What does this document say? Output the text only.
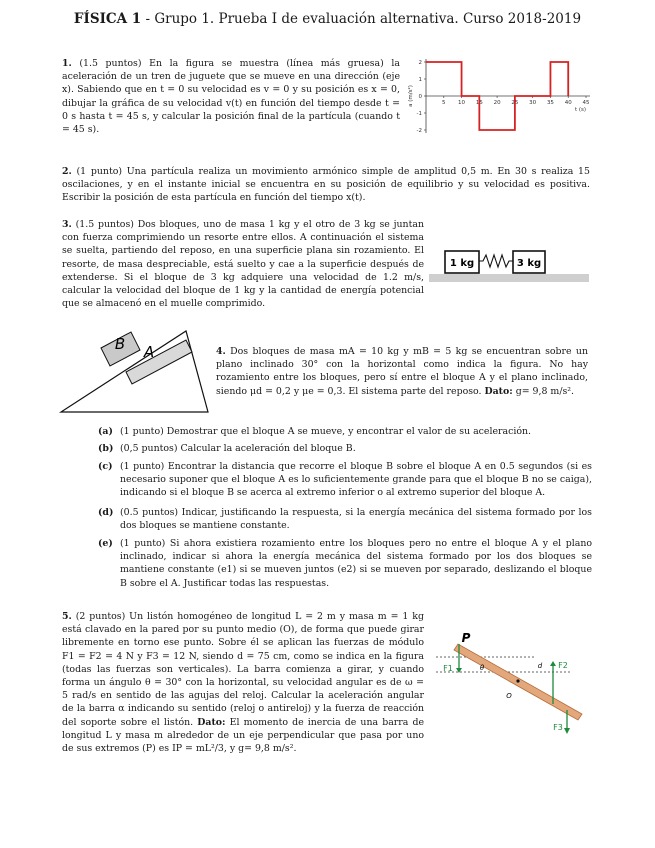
FÍSICA 1 - Grupo 1. Prueba I de evaluación alternativa. Curso 2018-2019
1. (1.5 puntos) En la figura se muestra (línea más gruesa) la aceleración de un tren de juguete que se mueve en una dirección (eje x). Sabiendo que en t = 0 su velocidad es v = 0 y su posición es x = 0, dibujar la gráfica de su velocidad v(t) en función del tiempo desde t = 0 s hasta t = 45 s, y calcular la posición final de la partícula (cuando t = 45 s).
2
1
0
-1
-2
5 10 15 20 25 30 35 40 45
a (m/s²)
t (s)
2. (1 punto) Una partícula realiza un movimiento armónico simple de amplitud 0,5 m. En 30 s realiza 15 oscilaciones, y en el instante inicial se encuentra en su posición de equilibrio y su velocidad es positiva. Escribir la posición de esta partícula en función del tiempo x(t).
3. (1.5 puntos) Dos bloques, uno de masa 1 kg y el otro de 3 kg se juntan con fuerza comprimiendo un resorte entre ellos. A continuación el sistema se suelta, partiendo del reposo, en una superficie plana sin rozamiento. El resorte, de masa despreciable, está suelto y cae a la superficie después de extenderse. Si el bloque de 3 kg adquiere una velocidad de 1.2 m/s, calcular la velocidad del bloque de 1 kg y la cantidad de energía potencial que se almacenó en el muelle comprimido.
1 kg	3 kg
B A	4. Dos bloques de masa mA = 10 kg y mB = 5 kg se encuentran sobre un plano inclinado 30° con la horizontal como indica la figura. No hay rozamiento entre los bloques, pero sí entre el bloque A y el plano inclinado, siendo μd = 0,2 y μe = 0,3. El sistema parte del reposo. Dato: g= 9,8 m/s².
(a) (1 punto) Demostrar que el bloque A se mueve, y encontrar el valor de su aceleración.
(b) (0,5 puntos) Calcular la aceleración del bloque B.
(c) (1 punto) Encontrar la distancia que recorre el bloque B sobre el bloque A en 0.5 segundos (si es necesario suponer que el bloque A es lo suficientemente grande para que el bloque B no se caiga), indicando si el bloque B se acerca al extremo inferior o al extremo superior del bloque A.
(d) (0.5 puntos) Indicar, justificando la respuesta, si la energía mecánica del sistema formado por los dos bloques se mantiene constante.
(e) (1 punto) Si ahora existiera rozamiento entre los bloques pero no entre el bloque A y el plano inclinado, indicar si ahora la energía mecánica del sistema formado por los dos bloques se mantiene constante (e1) si se mueven juntos (e2) si se mueven por separado, deslizando el bloque B sobre el A. Justificar todas las respuestas.
5. (2 puntos) Un listón homogéneo de longitud L = 2 m y masa m = 1 kg está clavado en la pared por su punto medio (O), de forma que puede girar libremente en torno ese punto. Sobre él se aplican las fuerzas de módulo F1 = F2 = 4 N y F3 = 12 N, siendo d = 75 cm, como se indica en la figura (todas las fuerzas son verticales). La barra comienza a girar, y cuando forma un ángulo θ = 30° con la horizontal, su velocidad angular es de ω = 5 rad/s en sentido de las agujas del reloj. Calcular la aceleración angular de la barra α indicando su sentido (reloj o antireloj) y la fuerza de reacción del soporte sobre el listón. Dato: El momento de inercia de una barra de longitud L y masa m alrededor de un eje perpendicular que pasa por uno de sus extremos (P) es IP = mL²/3, y g= 9,8 m/s².
O
P
θ	d
F1	F2
F3
